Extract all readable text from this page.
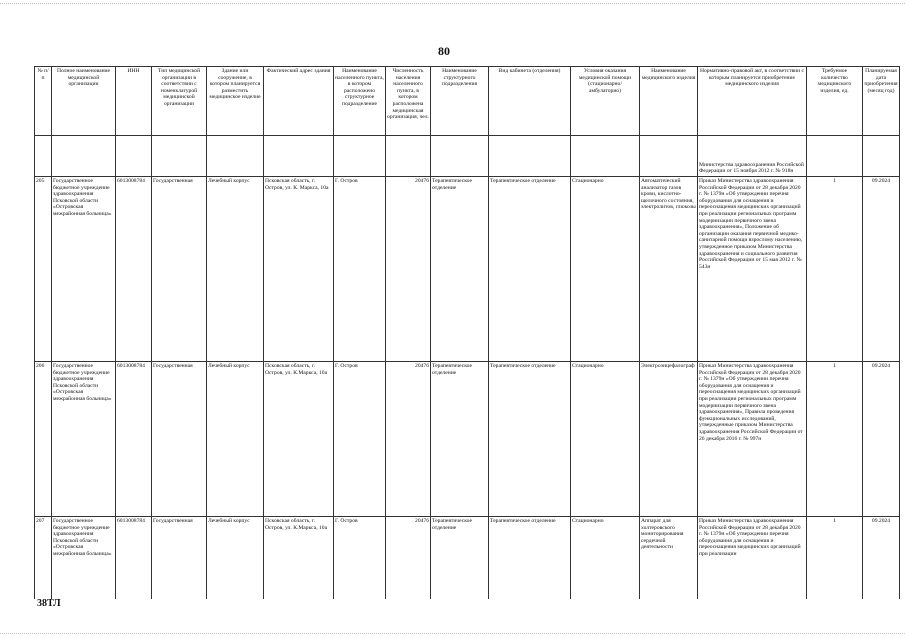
80
№ п/п	Полное наименование медицинской организации	ИНН	Тип медицинской организации в соответствии с номенклатурой медицинской организации	Здание или сооружение, в котором планируется разместить медицинское изделие	Фактический адрес здания	Наименование населенного пункта, в котором расположено структурное подразделение	Численность населения населенного пункта, в котором расположена медицинская организация, чел.	Наименование структурного подразделения	Вид кабинета (отделения)	Условия оказания медицинской помощи (стационарно/ амбулаторно)	Наименование медицинского изделия	Нормативно-правовой акт, в соответствии с которым планируется приобретение медицинского изделия	Требуемое количество медицинского изделия, ед.	Планируемая дата приобретения (месяц год)
												Министерства здравоохранения Российской Федерации от 15 ноября 2012 г. № 918н		
205	Государственное бюджетное учреждение здравоохранения Псковской области «Островская межрайонная больница»	6013008784	Государственная	Лечебный корпус	Псковская область, г. Остров, ул. К. Маркса, 10а	Г. Остров	20476	Терапевтическое отделение	Терапевтическое отделение	Стационарно	Автоматический анализатор газов крови, кислотно-щелочного состояния, электролитов, глюкозы	Приказ Министерства здравоохранения Российской Федерации от 28 декабря 2020 г. № 1379н «Об утверждении перечня оборудования для оснащения и переоснащения медицинских организаций при реализации региональных программ модернизации первичного звена здравоохранения», Положение об организации оказания первичной медико-санитарной помощи взрослому населению, утвержденное приказом Министерства здравоохранения и социального развития Российской Федерации от 15 мая 2012 г. № 543н	1	09.2024
206	Государственное бюджетное учреждение здравоохранения Псковской области «Островская межрайонная больница»	6013008784	Государственная	Лечебный корпус	Псковская область, г. Остров, ул. К.Маркса, 10а	Г. Остров	20476	Терапевтическое отделение	Терапевтическое отделение	Стационарно	Электроэнцефалограф	Приказ Министерства здравоохранения Российской Федерации от 28 декабря 2020 г. № 1379н «Об утверждении перечня оборудования для оснащения и переоснащения медицинских организаций при реализации региональных программ модернизации первичного звена здравоохранения», Правила проведения функциональных исследований, утвержденные приказом Министерства здравоохранения Российской Федерации от 26 декабря 2016 г. № 997н	1	09.2024
207	Государственное бюджетное учреждение здравоохранения Псковской области «Островская межрайонная больница»	6013008784	Государственная	Лечебный корпус	Псковская область, г. Остров, ул. К.Маркса, 10а	Г. Остров	20476	Терапевтическое отделение	Терапевтическое отделение	Стационарно	Аппарат для холтеровского мониторирования сердечной деятельности	Приказ Министерства здравоохранения Российской Федерации от 28 декабря 2020 г. № 1379н «Об утверждении перечня оборудования для оснащения и переоснащения медицинских организаций при реализации	1	09.2024
38ТЛ
